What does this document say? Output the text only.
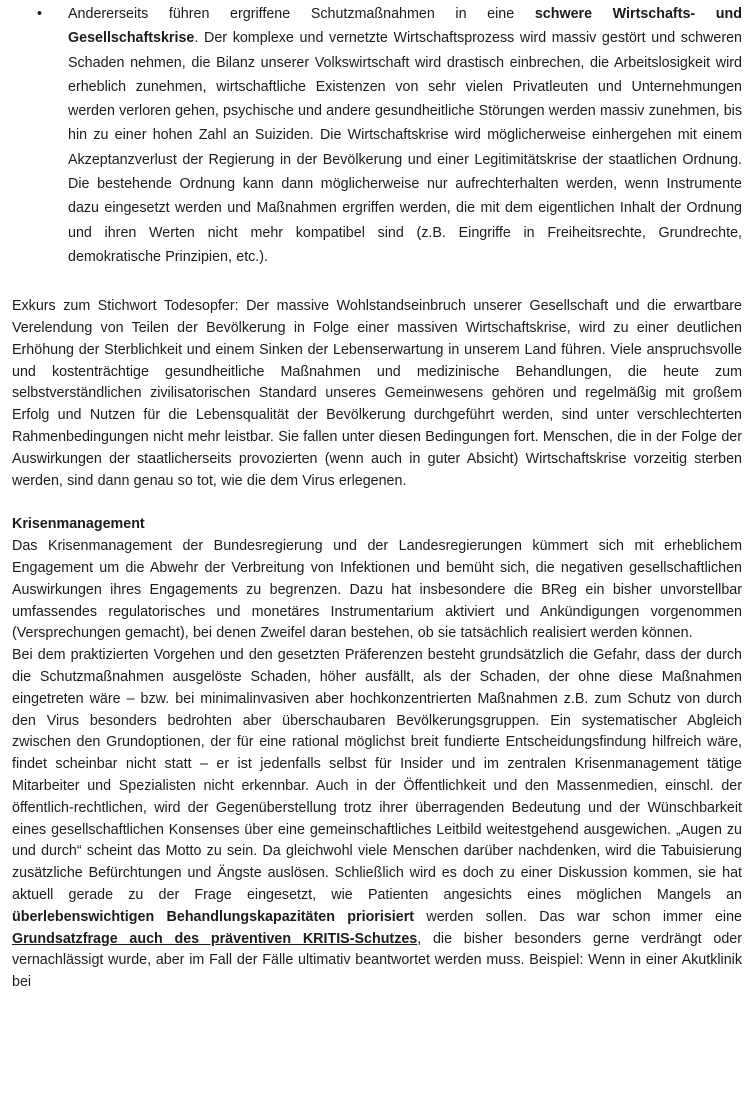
•	Andererseits führen ergriffene Schutzmaßnahmen in eine schwere Wirtschafts- und Gesellschaftskrise. Der komplexe und vernetzte Wirtschaftsprozess wird massiv gestört und schweren Schaden nehmen, die Bilanz unserer Volkswirtschaft wird drastisch einbrechen, die Arbeitslosigkeit wird erheblich zunehmen, wirtschaftliche Existenzen von sehr vielen Privatleuten und Unternehmungen werden verloren gehen, psychische und andere gesundheitliche Störungen werden massiv zunehmen, bis hin zu einer hohen Zahl an Suiziden. Die Wirtschaftskrise wird möglicherweise einhergehen mit einem Akzeptanzverlust der Regierung in der Bevölkerung und einer Legitimitätskrise der staatlichen Ordnung. Die bestehende Ordnung kann dann möglicherweise nur aufrechterhalten werden, wenn Instrumente dazu eingesetzt werden und Maßnahmen ergriffen werden, die mit dem eigentlichen Inhalt der Ordnung und ihren Werten nicht mehr kompatibel sind (z.B. Eingriffe in Freiheitsrechte, Grundrechte, demokratische Prinzipien, etc.).

Exkurs zum Stichwort Todesopfer: Der massive Wohlstandseinbruch unserer Gesellschaft und die erwartbare Verelendung von Teilen der Bevölkerung in Folge einer massiven Wirtschaftskrise, wird zu einer deutlichen Erhöhung der Sterblichkeit und einem Sinken der Lebenserwartung in unserem Land führen. Viele anspruchsvolle und kostenträchtige gesundheitliche Maßnahmen und medizinische Behandlungen, die heute zum selbstverständlichen zivilisatorischen Standard unseres Gemeinwesens gehören und regelmäßig mit großem Erfolg und Nutzen für die Lebensqualität der Bevölkerung durchgeführt werden, sind unter verschlechterten Rahmenbedingungen nicht mehr leistbar. Sie fallen unter diesen Bedingungen fort. Menschen, die in der Folge der Auswirkungen der staatlicherseits provozierten (wenn auch in guter Absicht) Wirtschaftskrise vorzeitig sterben werden, sind dann genau so tot, wie die dem Virus erlegenen.

Krisenmanagement

Das Krisenmanagement der Bundesregierung und der Landesregierungen kümmert sich mit erheblichem Engagement um die Abwehr der Verbreitung von Infektionen und bemüht sich, die negativen gesellschaftlichen Auswirkungen ihres Engagements zu begrenzen. Dazu hat insbesondere die BReg ein bisher unvorstellbar umfassendes regulatorisches und monetäres Instrumentarium aktiviert und Ankündigungen vorgenommen (Versprechungen gemacht), bei denen Zweifel daran bestehen, ob sie tatsächlich realisiert werden können.

Bei dem praktizierten Vorgehen und den gesetzten Präferenzen besteht grundsätzlich die Gefahr, dass der durch die Schutzmaßnahmen ausgelöste Schaden, höher ausfällt, als der Schaden, der ohne diese Maßnahmen eingetreten wäre – bzw. bei minimalinvasiven aber hochkonzentrierten Maßnahmen z.B. zum Schutz von durch den Virus besonders bedrohten aber überschaubaren Bevölkerungsgruppen. Ein systematischer Abgleich zwischen den Grundoptionen, der für eine rational möglichst breit fundierte Entscheidungsfindung hilfreich wäre, findet scheinbar nicht statt – er ist jedenfalls selbst für Insider und im zentralen Krisenmanagement tätige Mitarbeiter und Spezialisten nicht erkennbar. Auch in der Öffentlichkeit und den Massenmedien, einschl. der öffentlich-rechtlichen, wird der Gegenüberstellung trotz ihrer überragenden Bedeutung und der Wünschbarkeit eines gesellschaftlichen Konsenses über eine gemeinschaftliches Leitbild weitestgehend ausgewichen. „Augen zu und durch“ scheint das Motto zu sein. Da gleichwohl viele Menschen darüber nachdenken, wird die Tabuisierung zusätzliche Befürchtungen und Ängste auslösen. Schließlich wird es doch zu einer Diskussion kommen, sie hat aktuell gerade zu der Frage eingesetzt, wie Patienten angesichts eines möglichen Mangels an überlebenswichtigen Behandlungskapazitäten priorisiert werden sollen. Das war schon immer eine Grundsatzfrage auch des präventiven KRITIS-Schutzes, die bisher besonders gerne verdrängt oder vernachlässigt wurde, aber im Fall der Fälle ultimativ beantwortet werden muss. Beispiel: Wenn in einer Akutklinik bei
